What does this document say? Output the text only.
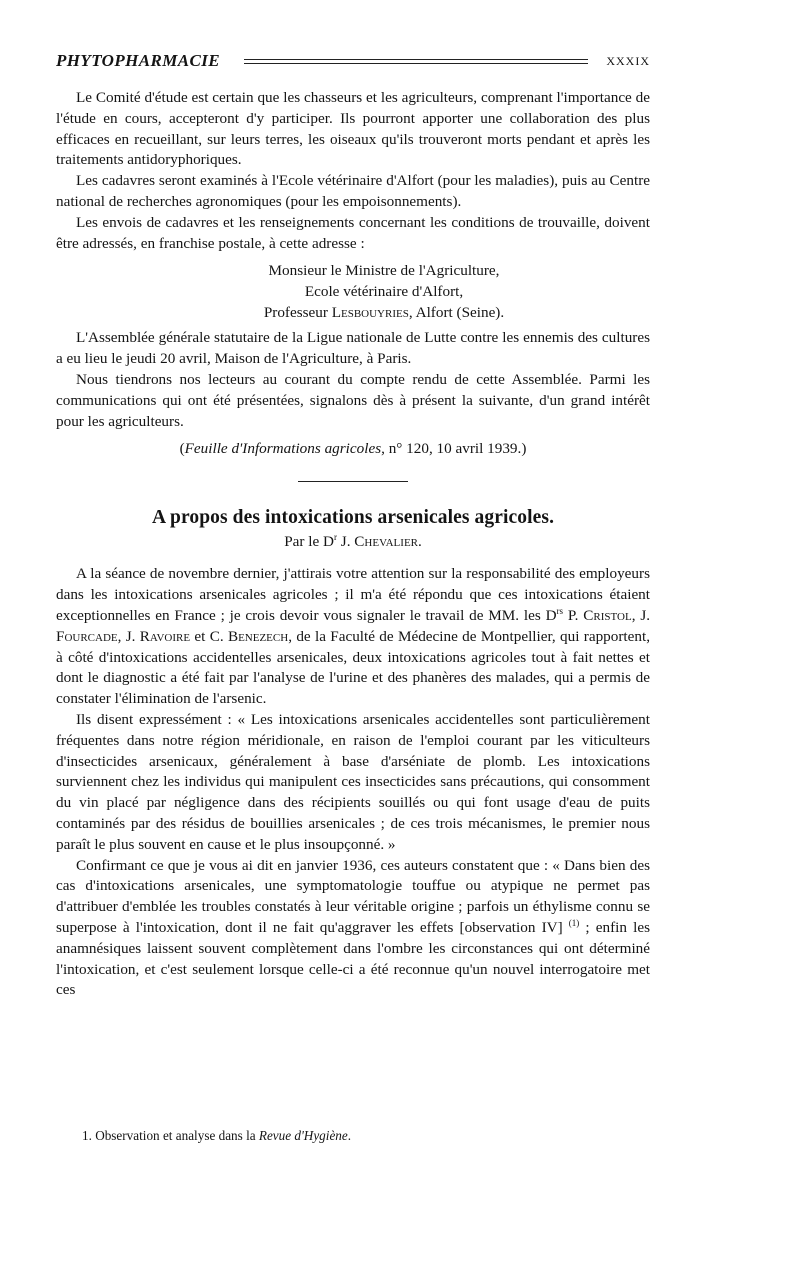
PHYTOPHARMACIE	XXXIX

Le Comité d'étude est certain que les chasseurs et les agriculteurs, comprenant l'importance de l'étude en cours, accepteront d'y participer. Ils pourront apporter une collaboration des plus efficaces en recueillant, sur leurs terres, les oiseaux qu'ils trouveront morts pendant et après les traitements antidoryphoriques.

Les cadavres seront examinés à l'Ecole vétérinaire d'Alfort (pour les maladies), puis au Centre national de recherches agronomiques (pour les empoisonnements).

Les envois de cadavres et les renseignements concernant les conditions de trouvaille, doivent être adressés, en franchise postale, à cette adresse :

Monsieur le Ministre de l'Agriculture,
Ecole vétérinaire d'Alfort,
Professeur Lesbouyries, Alfort (Seine).

L'Assemblée générale statutaire de la Ligue nationale de Lutte contre les ennemis des cultures a eu lieu le jeudi 20 avril, Maison de l'Agriculture, à Paris.

Nous tiendrons nos lecteurs au courant du compte rendu de cette Assemblée. Parmi les communications qui ont été présentées, signalons dès à présent la suivante, d'un grand intérêt pour les agriculteurs.

(Feuille d'Informations agricoles, n° 120, 10 avril 1939.)
A propos des intoxications arsenicales agricoles.
Par le $D^r$ J. Chevalier.

A la séance de novembre dernier, j'attirais votre attention sur la responsabilité des employeurs dans les intoxications arsenicales agricoles ; il m'a été répondu que ces intoxications étaient exceptionnelles en France ; je crois devoir vous signaler le travail de MM. les $D^{rs}$ P. Cristol, J. Fourcade, J. Ravoire et C. Benezech, de la Faculté de Médecine de Montpellier, qui rapportent, à côté d'intoxications accidentelles arsenicales, deux intoxications agricoles tout à fait nettes et dont le diagnostic a été fait par l'analyse de l'urine et des phanères des malades, qui a permis de constater l'élimination de l'arsenic.

Ils disent expressément : « Les intoxications arsenicales accidentelles sont particulièrement fréquentes dans notre région méridionale, en raison de l'emploi courant par les viticulteurs d'insecticides arsenicaux, généralement à base d'arséniate de plomb. Les intoxications surviennent chez les individus qui manipulent ces insecticides sans précautions, qui consomment du vin placé par négligence dans des récipients souillés ou qui font usage d'eau de puits contaminés par des résidus de bouillies arsenicales ; de ces trois mécanismes, le premier nous paraît le plus souvent en cause et le plus insoupçonné. »

Confirmant ce que je vous ai dit en janvier 1936, ces auteurs constatent que : « Dans bien des cas d'intoxications arsenicales, une symptomatologie touffue ou atypique ne permet pas d'attribuer d'emblée les troubles constatés à leur véritable origine ; parfois un éthylisme connu se superpose à l'intoxication, dont il ne fait qu'aggraver les effets [observation IV] $^{(1)}$ ; enfin les anamnésiques laissent souvent complètement dans l'ombre les circonstances qui ont déterminé l'intoxication, et c'est seulement lorsque celle-ci a été reconnue qu'un nouvel interrogatoire met ces

1. Observation et analyse dans la Revue d'Hygiène.
